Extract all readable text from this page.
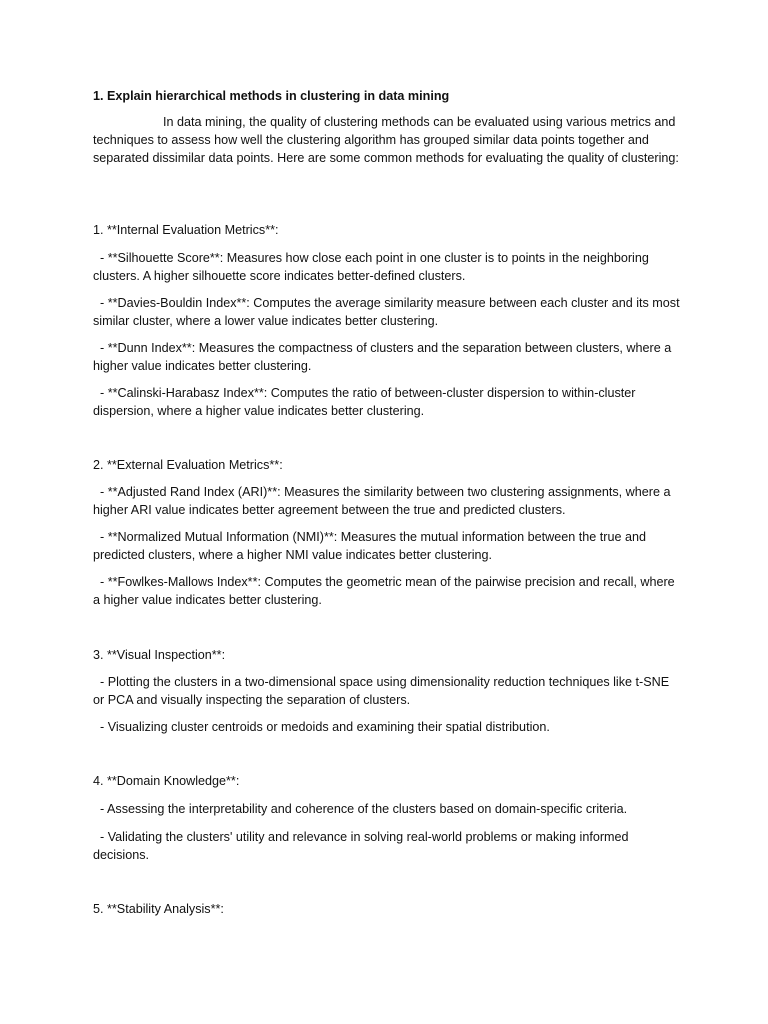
1. Explain hierarchical methods in clustering in data mining

In data mining, the quality of clustering methods can be evaluated using various metrics and techniques to assess how well the clustering algorithm has grouped similar data points together and separated dissimilar data points. Here are some common methods for evaluating the quality of clustering:

1. **Internal Evaluation Metrics**:

- **Silhouette Score**: Measures how close each point in one cluster is to points in the neighboring clusters. A higher silhouette score indicates better-defined clusters.

- **Davies-Bouldin Index**: Computes the average similarity measure between each cluster and its most similar cluster, where a lower value indicates better clustering.

- **Dunn Index**: Measures the compactness of clusters and the separation between clusters, where a higher value indicates better clustering.

- **Calinski-Harabasz Index**: Computes the ratio of between-cluster dispersion to within-cluster dispersion, where a higher value indicates better clustering.

2. **External Evaluation Metrics**:

- **Adjusted Rand Index (ARI)**: Measures the similarity between two clustering assignments, where a higher ARI value indicates better agreement between the true and predicted clusters.

- **Normalized Mutual Information (NMI)**: Measures the mutual information between the true and predicted clusters, where a higher NMI value indicates better clustering.

- **Fowlkes-Mallows Index**: Computes the geometric mean of the pairwise precision and recall, where a higher value indicates better clustering.

3. **Visual Inspection**:

- Plotting the clusters in a two-dimensional space using dimensionality reduction techniques like t-SNE or PCA and visually inspecting the separation of clusters.

- Visualizing cluster centroids or medoids and examining their spatial distribution.

4. **Domain Knowledge**:

- Assessing the interpretability and coherence of the clusters based on domain-specific criteria.

- Validating the clusters' utility and relevance in solving real-world problems or making informed decisions.

5. **Stability Analysis**:
